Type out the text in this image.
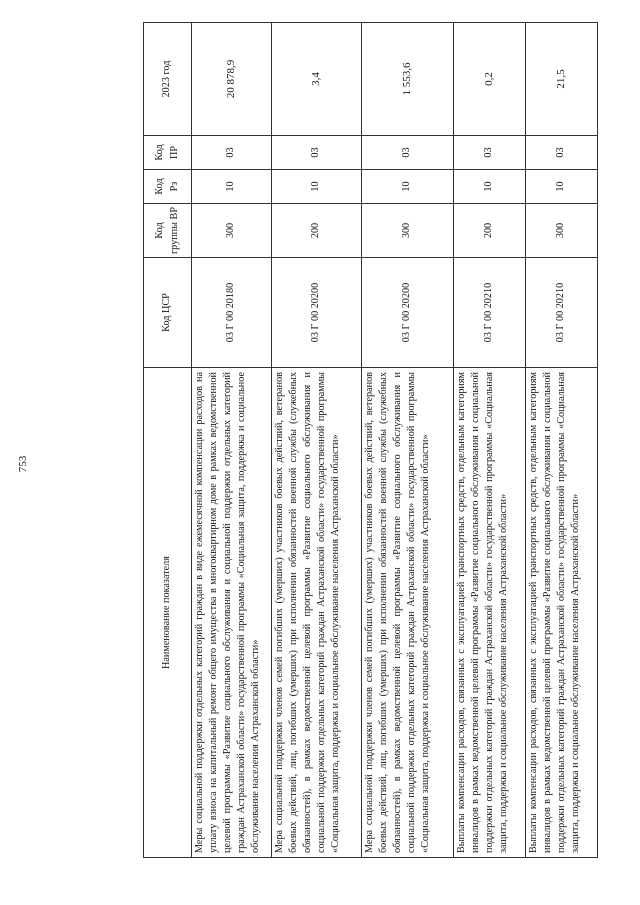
753
Наименование показателя	Код ЦСР	Код группы ВР	Код Рз	Код ПР	2023 год
Меры социальной поддержки отдельных категорий граждан в виде ежемесячной компенсации расходов на уплату взноса на капитальный ремонт общего имущества в многоквартирном доме в рамках ведомственной целевой программы «Развитие социального обслуживания и социальной поддержки отдельных категорий граждан Астраханской области» государственной программы «Социальная защита, поддержка и социальное обслуживание населения Астраханской области»	03 Г 00 20180	300	10	03	20 878,9
Мера социальной поддержки членов семей погибших (умерших) участников боевых действий, ветеранов боевых действий, лиц, погибших (умерших) при исполнении обязанностей военной службы (служебных обязанностей), в рамках ведомственной целевой программы «Развитие социального обслуживания и социальной поддержки отдельных категорий граждан Астраханской области» государственной программы «Социальная защита, поддержка и социальное обслуживание населения Астраханской области»	03 Г 00 20200	200	10	03	3,4
Мера социальной поддержки членов семей погибших (умерших) участников боевых действий, ветеранов боевых действий, лиц, погибших (умерших) при исполнении обязанностей военной службы (служебных обязанностей), в рамках ведомственной целевой программы «Развитие социального обслуживания и социальной поддержки отдельных категорий граждан Астраханской области» государственной программы «Социальная защита, поддержка и социальное обслуживание населения Астраханской области»	03 Г 00 20200	300	10	03	1 553,6
Выплаты компенсации расходов, связанных с эксплуатацией транспортных средств, отдельным категориям инвалидов в рамках ведомственной целевой программы «Развитие социального обслуживания и социальной поддержки отдельных категорий граждан Астраханской области» государственной программы «Социальная защита, поддержка и социальное обслуживание населения Астраханской области»	03 Г 00 20210	200	10	03	0,2
Выплаты компенсации расходов, связанных с эксплуатацией транспортных средств, отдельным категориям инвалидов в рамках ведомственной целевой программы «Развитие социального обслуживания и социальной поддержки отдельных категорий граждан Астраханской области» государственной программы «Социальная защита, поддержка и социальное обслуживание населения Астраханской области»	03 Г 00 20210	300	10	03	21,5
